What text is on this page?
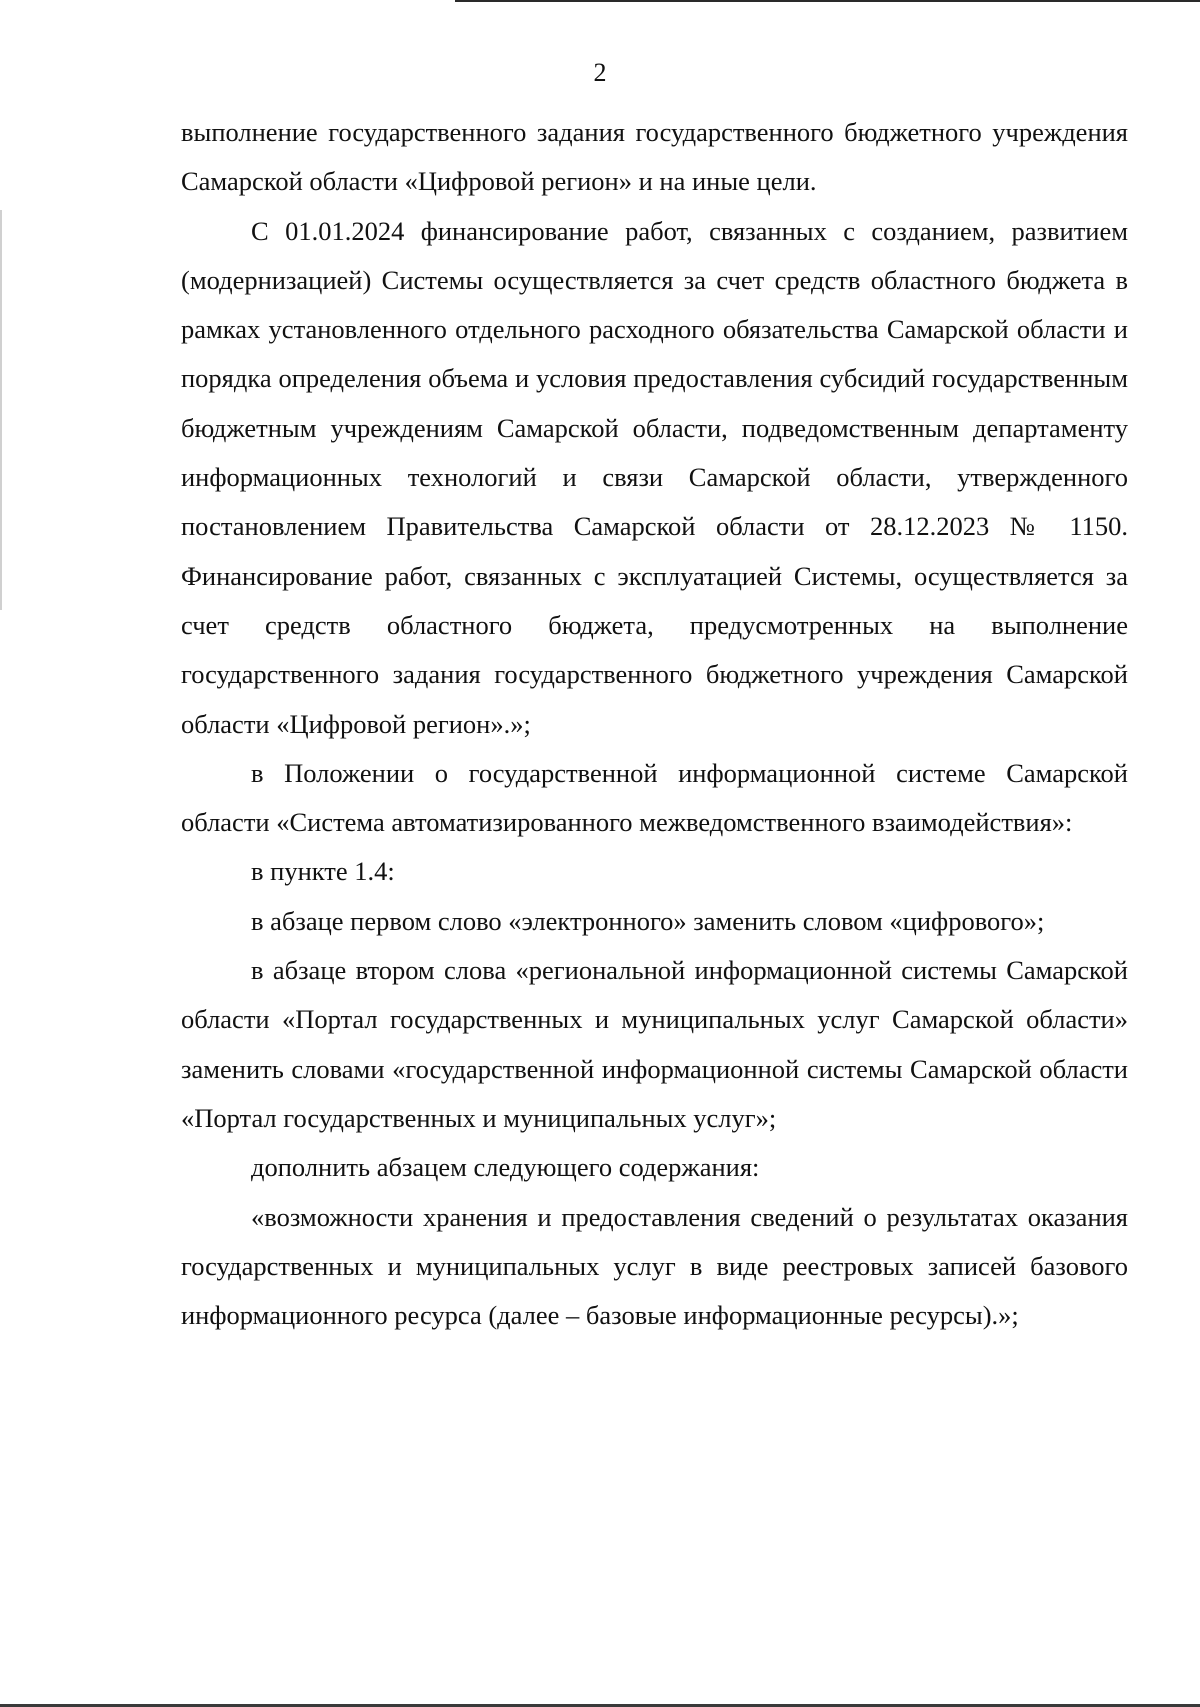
2

выполнение государственного задания государственного бюджетного учреждения Самарской области «Цифровой регион» и на иные цели.

С 01.01.2024 финансирование работ, связанных с созданием, развитием (модернизацией) Системы осуществляется за счет средств областного бюджета в рамках установленного отдельного расходного обязательства Самарской области и порядка определения объема и условия предоставления субсидий государственным бюджетным учреждениям Самарской области, подведомственным департаменту информационных технологий и связи Самарской области, утвержденного постановлением Правительства Самарской области от 28.12.2023 № 1150. Финансирование работ, связанных с эксплуатацией Системы, осуществляется за счет средств областного бюджета, предусмотренных на выполнение государственного задания государственного бюджетного учреждения Самарской области «Цифровой регион».»;

в Положении о государственной информационной системе Самарской области «Система автоматизированного межведомственного взаимодействия»:

в пункте 1.4:

в абзаце первом слово «электронного» заменить словом «цифрового»;

в абзаце втором слова «региональной информационной системы Самарской области «Портал государственных и муниципальных услуг Самарской области» заменить словами «государственной информационной системы Самарской области «Портал государственных и муниципальных услуг»;

дополнить абзацем следующего содержания:

«возможности хранения и предоставления сведений о результатах оказания государственных и муниципальных услуг в виде реестровых записей базового информационного ресурса (далее – базовые информационные ресурсы).»;
